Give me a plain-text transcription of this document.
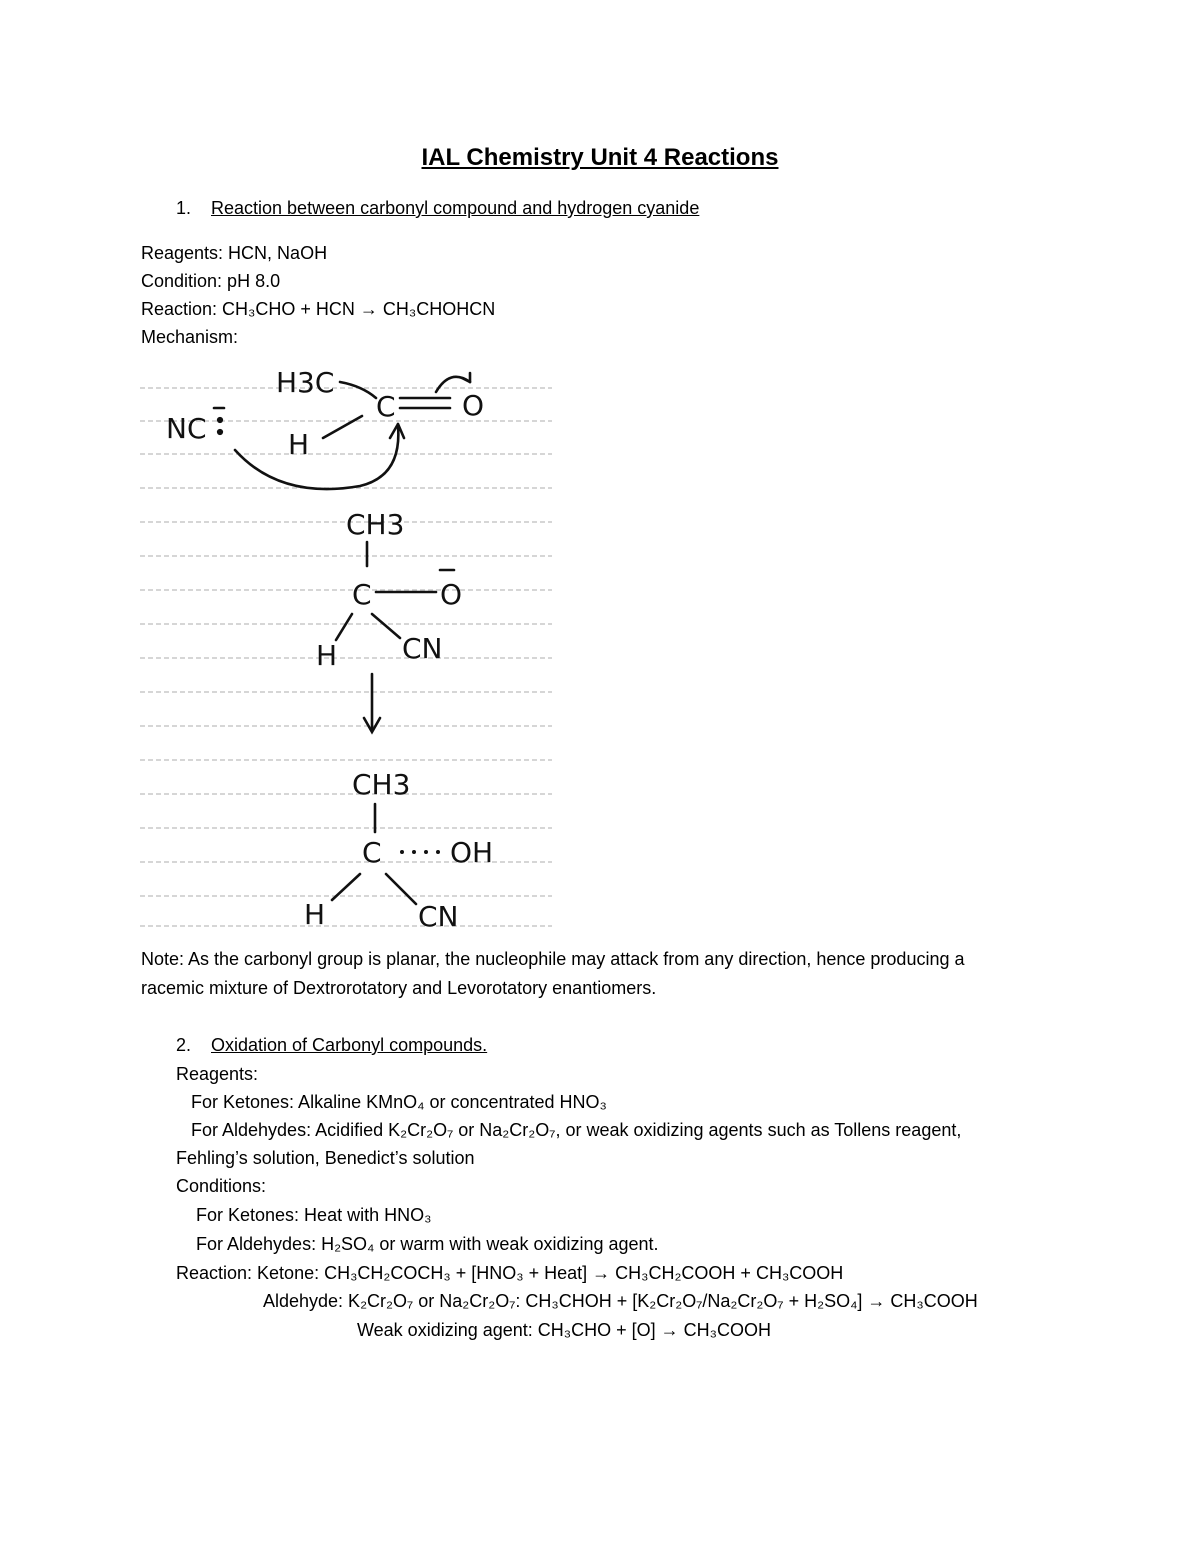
IAL Chemistry Unit 4 Reactions
1. Reaction between carbonyl compound and hydrogen cyanide
Reagents: HCN, NaOH
Condition: pH 8.0
Reaction: CH₃CHO + HCN → CH₃CHOHCN
Mechanism:
H3C
C O
NC	H
CH3
C O
H CN
CH3
C OH
H	CN
Note: As the carbonyl group is planar, the nucleophile may attack from any direction, hence producing a
racemic mixture of Dextrorotatory and Levorotatory enantiomers.
2. Oxidation of Carbonyl compounds.
Reagents:
For Ketones: Alkaline KMnO₄ or concentrated HNO₃
For Aldehydes: Acidified K₂Cr₂O₇ or Na₂Cr₂O₇, or weak oxidizing agents such as Tollens reagent,
Fehling’s solution, Benedict’s solution
Conditions:
For Ketones: Heat with HNO₃
For Aldehydes: H₂SO₄ or warm with weak oxidizing agent.
Reaction: Ketone: CH₃CH₂COCH₃ + [HNO₃ + Heat] → CH₃CH₂COOH + CH₃COOH
Aldehyde: K₂Cr₂O₇ or Na₂Cr₂O₇: CH₃CHOH + [K₂Cr₂O₇/Na₂Cr₂O₇ + H₂SO₄] → CH₃COOH
Weak oxidizing agent: CH₃CHO + [O] → CH₃COOH
